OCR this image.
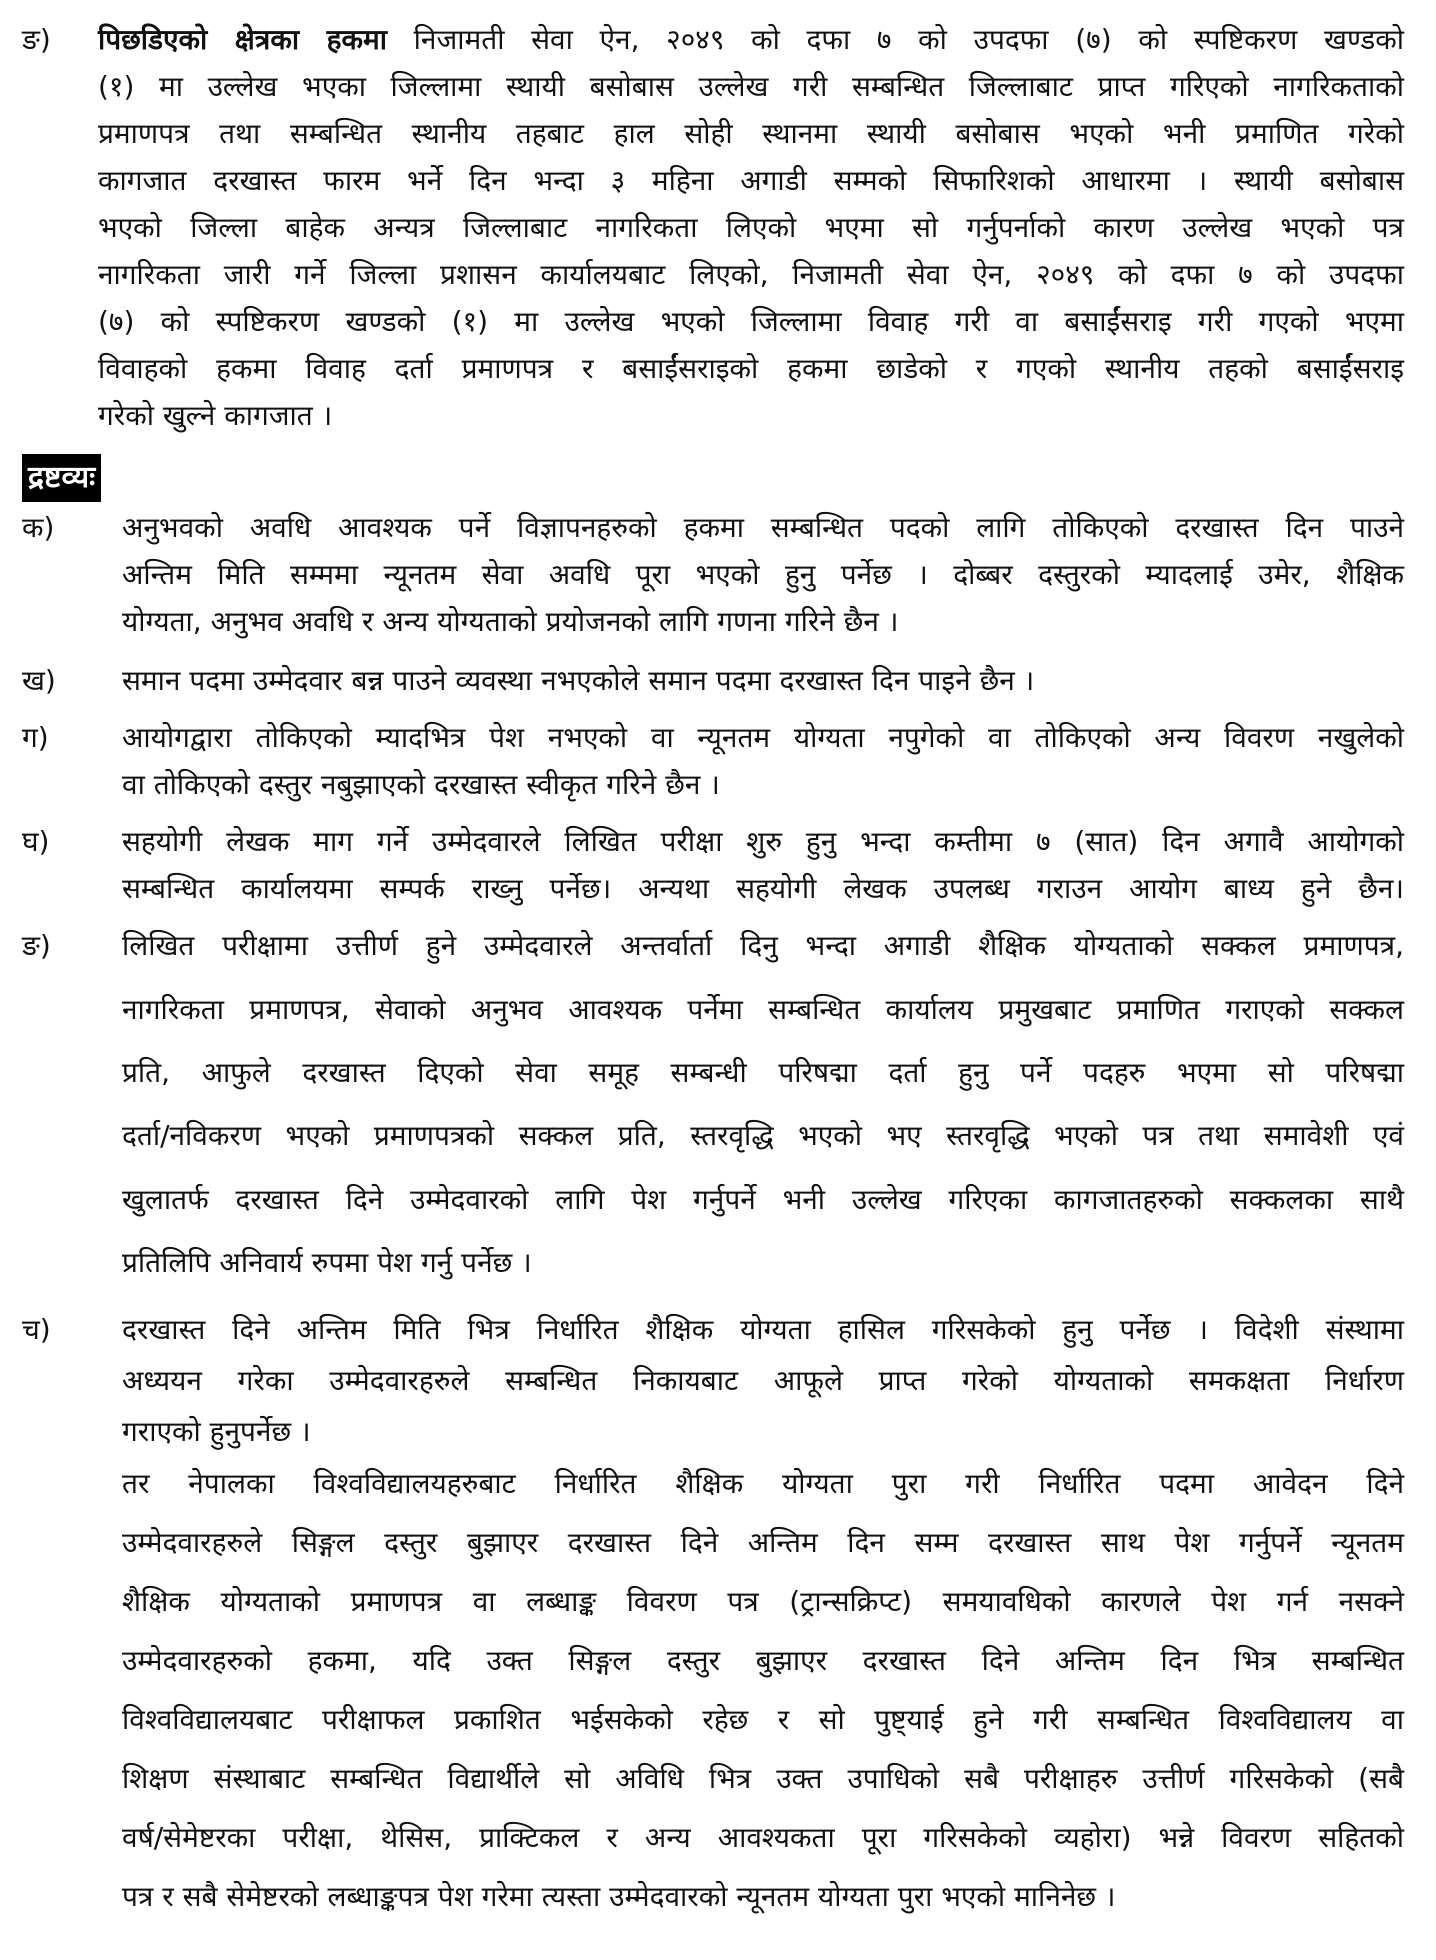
ङ) पिछडिएको क्षेत्रका हकमा निजामती सेवा ऐन, २०४९ को दफा ७ को उपदफा (७) को स्पष्टिकरण खण्डको
(१) मा उल्लेख भएका जिल्लामा स्थायी बसोबास उल्लेख गरी सम्बन्धित जिल्लाबाट प्राप्त गरिएको नागरिकताको
प्रमाणपत्र तथा सम्बन्धित स्थानीय तहबाट हाल सोही स्थानमा स्थायी बसोबास भएको भनी प्रमाणित गरेको
कागजात दरखास्त फारम भर्ने दिन भन्दा ३ महिना अगाडी सम्मको सिफारिशको आधारमा । स्थायी बसोबास
भएको जिल्ला बाहेक अन्यत्र जिल्लाबाट नागरिकता लिएको भएमा सो गर्नुपर्नाको कारण उल्लेख भएको पत्र
नागरिकता जारी गर्ने जिल्ला प्रशासन कार्यालयबाट लिएको, निजामती सेवा ऐन, २०४९ को दफा ७ को उपदफा
(७) को स्पष्टिकरण खण्डको (१) मा उल्लेख भएको जिल्लामा विवाह गरी वा बसाईंसराइ गरी गएको भएमा
विवाहको हकमा विवाह दर्ता प्रमाणपत्र र बसाईंसराइको हकमा छाडेको र गएको स्थानीय तहको बसाईंसराइ
गरेको खुल्ने कागजात ।
द्रष्टव्यः
क) अनुभवको अवधि आवश्यक पर्ने विज्ञापनहरुको हकमा सम्बन्धित पदको लागि तोकिएको दरखास्त दिन पाउने
अन्तिम मिति सम्ममा न्यूनतम सेवा अवधि पूरा भएको हुनु पर्नेछ । दोब्बर दस्तुरको म्यादलाई उमेर, शैक्षिक
योग्यता, अनुभव अवधि र अन्य योग्यताको प्रयोजनको लागि गणना गरिने छैन ।
ख) समान पदमा उम्मेदवार बन्न पाउने व्यवस्था नभएकोले समान पदमा दरखास्त दिन पाइने छैन ।
ग)	आयोगद्वारा तोकिएको म्यादभित्र पेश नभएको वा न्यूनतम योग्यता नपुगेको वा तोकिएको अन्य विवरण नखुलेको
वा तोकिएको दस्तुर नबुझाएको दरखास्त स्वीकृत गरिने छैन ।
घ)	सहयोगी लेखक माग गर्ने उम्मेदवारले लिखित परीक्षा शुरु हुनु भन्दा कम्तीमा ७ (सात) दिन अगावै आयोगको
सम्बन्धित कार्यालयमा सम्पर्क राख्नु पर्नेछ। अन्यथा सहयोगी लेखक उपलब्ध गराउन आयोग बाध्य हुने छैन।
ङ)	लिखित परीक्षामा उत्तीर्ण हुने उम्मेदवारले अन्तर्वार्ता दिनु भन्दा अगाडी शैक्षिक योग्यताको सक्कल प्रमाणपत्र,
नागरिकता प्रमाणपत्र, सेवाको अनुभव आवश्यक पर्नेमा सम्बन्धित कार्यालय प्रमुखबाट प्रमाणित गराएको सक्कल
प्रति, आफुले दरखास्त दिएको सेवा समूह सम्बन्धी परिषद्मा दर्ता हुनु पर्ने पदहरु भएमा सो परिषद्मा
दर्ता/नविकरण भएको प्रमाणपत्रको सक्कल प्रति, स्तरवृद्धि भएको भए स्तरवृद्धि भएको पत्र तथा समावेशी एवं
खुलातर्फ दरखास्त दिने उम्मेदवारको लागि पेश गर्नुपर्ने भनी उल्लेख गरिएका कागजातहरुको सक्कलका साथै
प्रतिलिपि अनिवार्य रुपमा पेश गर्नु पर्नेछ ।
च)	दरखास्त दिने अन्तिम मिति भित्र निर्धारित शैक्षिक योग्यता हासिल गरिसकेको हुनु पर्नेछ । विदेशी संस्थामा
अध्ययन गरेका उम्मेदवारहरुले सम्बन्धित निकायबाट आफूले प्राप्त गरेको योग्यताको समकक्षता निर्धारण
गराएको हुनुपर्नेछ ।
तर नेपालका विश्वविद्यालयहरुबाट निर्धारित शैक्षिक योग्यता पुरा गरी निर्धारित पदमा आवेदन दिने
उम्मेदवारहरुले सिङ्गल दस्तुर बुझाएर दरखास्त दिने अन्तिम दिन सम्म दरखास्त साथ पेश गर्नुपर्ने न्यूनतम
शैक्षिक योग्यताको प्रमाणपत्र वा लब्धाङ्क विवरण पत्र (ट्रान्सक्रिप्ट) समयावधिको कारणले पेश गर्न नसक्ने
उम्मेदवारहरुको हकमा, यदि उक्त सिङ्गल दस्तुर बुझाएर दरखास्त दिने अन्तिम दिन भित्र सम्बन्धित
विश्वविद्यालयबाट परीक्षाफल प्रकाशित भईसकेको रहेछ र सो पुष्ट्याई हुने गरी सम्बन्धित विश्वविद्यालय वा
शिक्षण संस्थाबाट सम्बन्धित विद्यार्थीले सो अविधि भित्र उक्त उपाधिको सबै परीक्षाहरु उत्तीर्ण गरिसकेको (सबै
वर्ष/सेमेष्टरका परीक्षा, थेसिस, प्राक्टिकल र अन्य आवश्यकता पूरा गरिसकेको व्यहोरा) भन्ने विवरण सहितको
पत्र र सबै सेमेष्टरको लब्धाङ्कपत्र पेश गरेमा त्यस्ता उम्मेदवारको न्यूनतम योग्यता पुरा भएको मानिनेछ ।
